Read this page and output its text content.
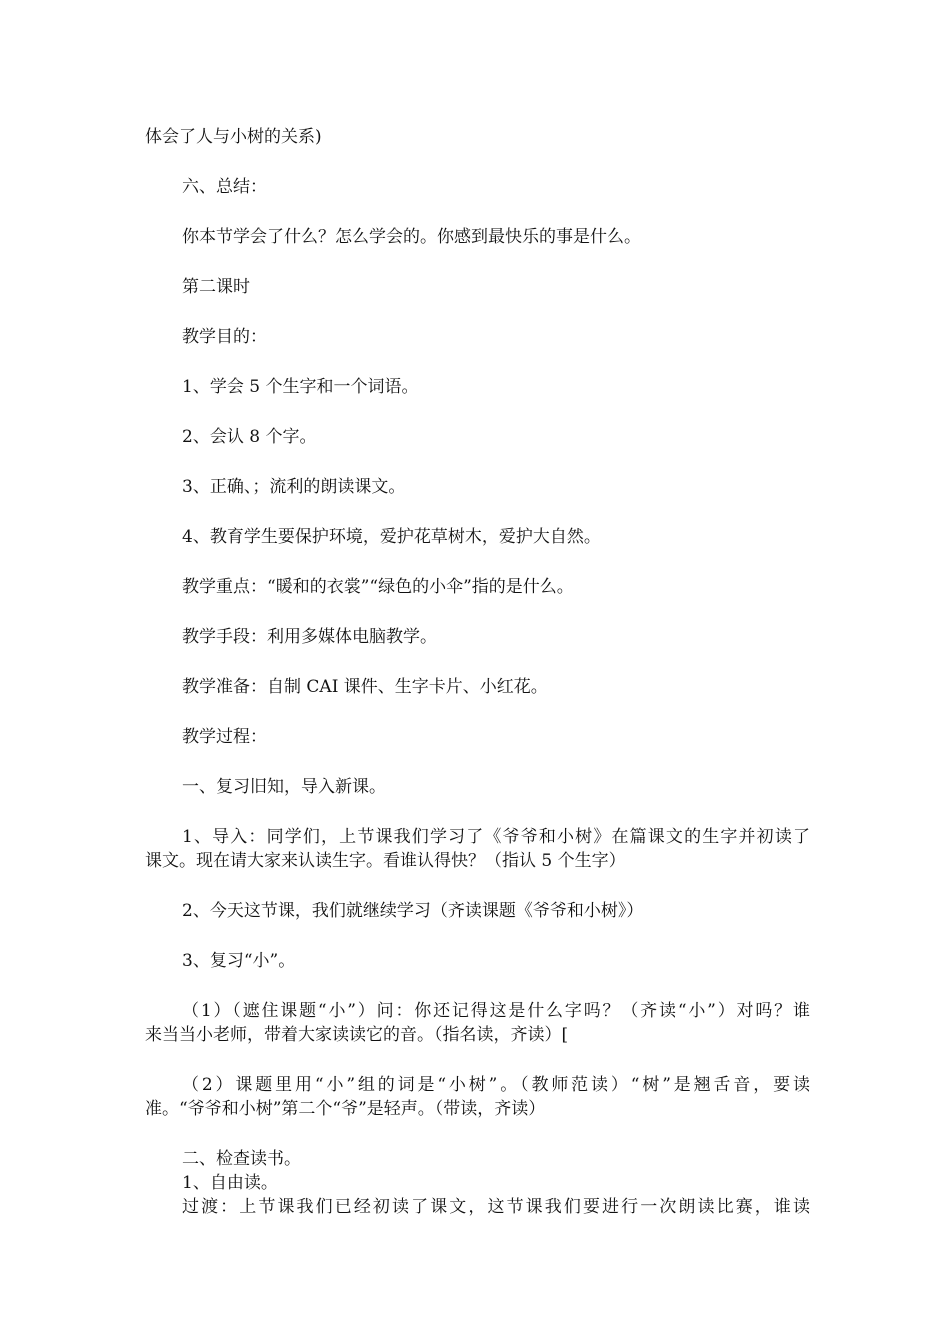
体会了人与小树的关系)
六、总结：
你本节学会了什么？怎么学会的。你感到最快乐的事是什么。
第二课时
教学目的：
1、学会 5 个生字和一个词语。
2、会认 8 个字。
3、正确、；流利的朗读课文。
4、教育学生要保护环境，爱护花草树木，爱护大自然。
教学重点：“暖和的衣裳”“绿色的小伞”指的是什么。
教学手段：利用多媒体电脑教学。
教学准备：自制 CAI 课件、生字卡片、小红花。
教学过程：
一、复习旧知，导入新课。
1、导入：同学们，上节课我们学习了《爷爷和小树》在篇课文的生字并初读了
课文。现在请大家来认读生字。看谁认得快？（指认 5 个生字）
2、今天这节课，我们就继续学习（齐读课题《爷爷和小树》）
3、复习“小”。
（1）（遮住课题“小”）问：你还记得这是什么字吗？（齐读“小”）对吗？谁
来当当小老师，带着大家读读它的音。（指名读，齐读）[
（2）课题里用“小”组的词是“小树”。（教师范读）“树”是翘舌音，要读
准。“爷爷和小树”第二个“爷”是轻声。（带读，齐读）
二、检查读书。
1、自由读。
过渡：上节课我们已经初读了课文，这节课我们要进行一次朗读比赛，谁读
